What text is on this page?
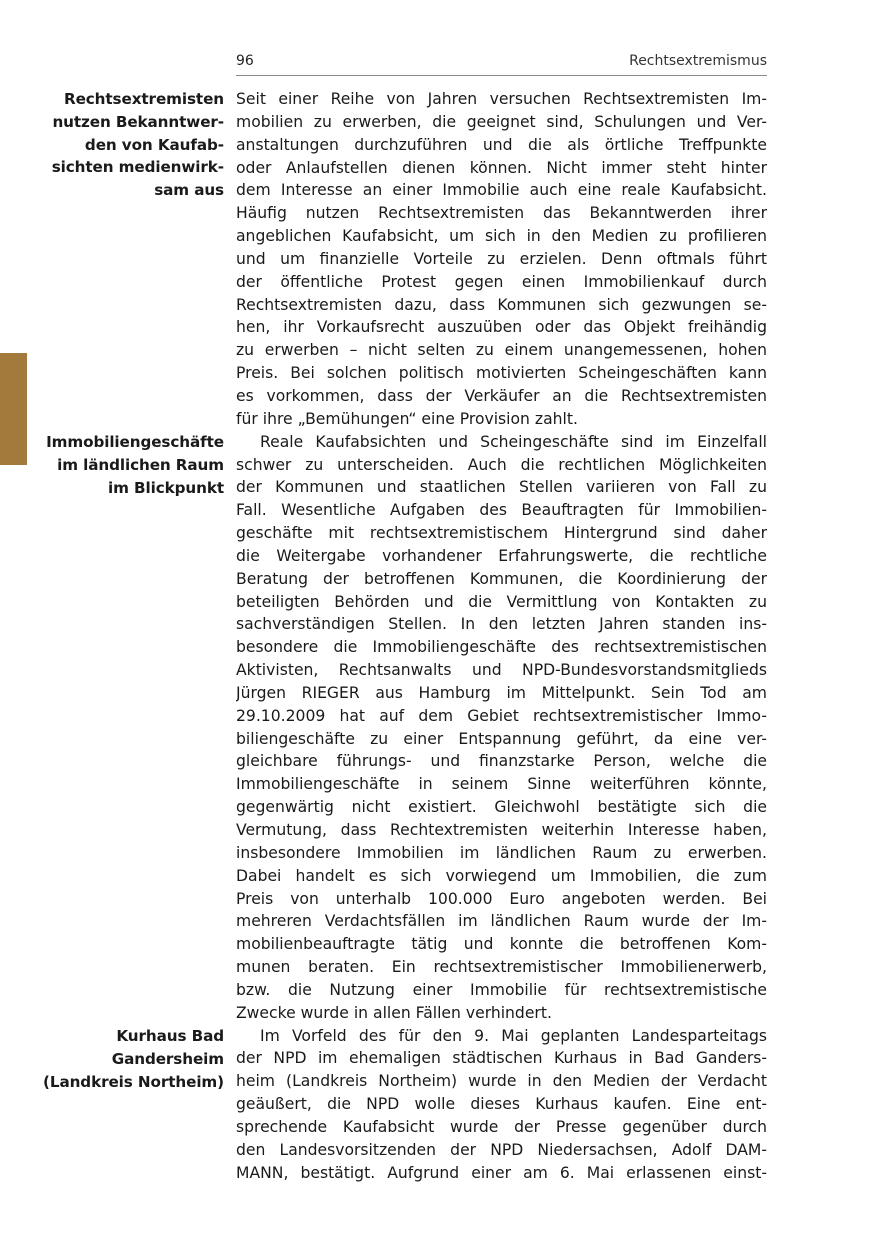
96	Rechtsextremismus
Rechtsextremisten
nutzen Bekanntwer-
den von Kaufab-
sichten medienwirk-
sam aus
Immobiliengeschäfte
im ländlichen Raum
im Blickpunkt
Kurhaus Bad
Gandersheim
(Landkreis Northeim)
Seit einer Reihe von Jahren versuchen Rechtsextremisten Im-
mobilien zu erwerben, die geeignet sind, Schulungen und Ver-
anstaltungen durchzuführen und die als örtliche Treffpunkte
oder Anlaufstellen dienen können. Nicht immer steht hinter
dem Interesse an einer Immobilie auch eine reale Kaufabsicht.
Häufig nutzen Rechtsextremisten das Bekanntwerden ihrer
angeblichen Kaufabsicht, um sich in den Medien zu profilieren
und um finanzielle Vorteile zu erzielen. Denn oftmals führt
der öffentliche Protest gegen einen Immobilienkauf durch
Rechtsextremisten dazu, dass Kommunen sich gezwungen se-
hen, ihr Vorkaufsrecht auszuüben oder das Objekt freihändig
zu erwerben – nicht selten zu einem unangemessenen, hohen
Preis. Bei solchen politisch motivierten Scheingeschäften kann
es vorkommen, dass der Verkäufer an die Rechtsextremisten
für ihre „Bemühungen“ eine Provision zahlt.
Reale Kaufabsichten und Scheingeschäfte sind im Einzelfall
schwer zu unterscheiden. Auch die rechtlichen Möglichkeiten
der Kommunen und staatlichen Stellen variieren von Fall zu
Fall. Wesentliche Aufgaben des Beauftragten für Immobilien-
geschäfte mit rechtsextremistischem Hintergrund sind daher
die Weitergabe vorhandener Erfahrungswerte, die rechtliche
Beratung der betroffenen Kommunen, die Koordinierung der
beteiligten Behörden und die Vermittlung von Kontakten zu
sachverständigen Stellen. In den letzten Jahren standen ins-
besondere die Immobiliengeschäfte des rechtsextremistischen
Aktivisten, Rechtsanwalts und NPD-Bundesvorstandsmitglieds
Jürgen RIEGER aus Hamburg im Mittelpunkt. Sein Tod am
29.10.2009 hat auf dem Gebiet rechtsextremistischer Immo-
biliengeschäfte zu einer Entspannung geführt, da eine ver-
gleichbare führungs- und finanzstarke Person, welche die
Immobiliengeschäfte in seinem Sinne weiterführen könnte,
gegenwärtig nicht existiert. Gleichwohl bestätigte sich die
Vermutung, dass Rechtextremisten weiterhin Interesse haben,
insbesondere Immobilien im ländlichen Raum zu erwerben.
Dabei handelt es sich vorwiegend um Immobilien, die zum
Preis von unterhalb 100.000 Euro angeboten werden. Bei
mehreren Verdachtsfällen im ländlichen Raum wurde der Im-
mobilienbeauftragte tätig und konnte die betroffenen Kom-
munen beraten. Ein rechtsextremistischer Immobilienerwerb,
bzw. die Nutzung einer Immobilie für rechtsextremistische
Zwecke wurde in allen Fällen verhindert.
Im Vorfeld des für den 9. Mai geplanten Landesparteitags
der NPD im ehemaligen städtischen Kurhaus in Bad Ganders-
heim (Landkreis Northeim) wurde in den Medien der Verdacht
geäußert, die NPD wolle dieses Kurhaus kaufen. Eine ent-
sprechende Kaufabsicht wurde der Presse gegenüber durch
den Landesvorsitzenden der NPD Niedersachsen, Adolf DAM-
MANN, bestätigt. Aufgrund einer am 6. Mai erlassenen einst-
